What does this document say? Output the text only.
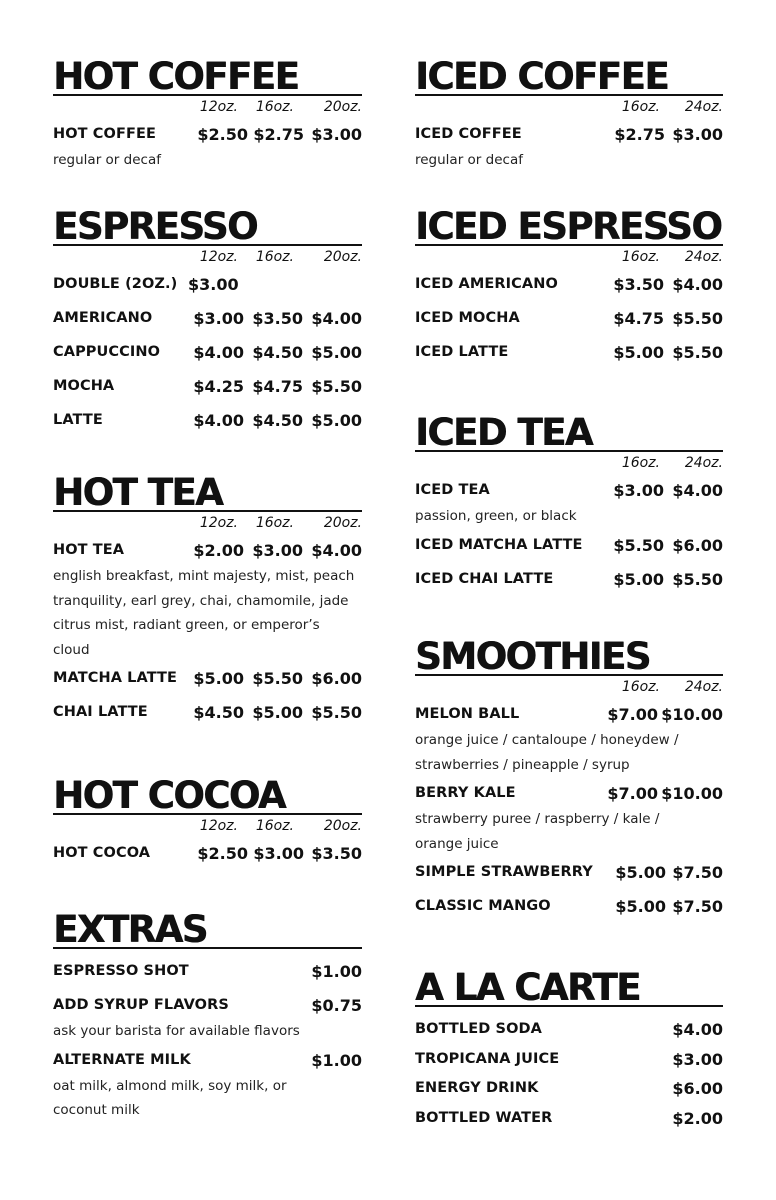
HOT COFFEE
12oz. 16oz. 20oz.
HOT COFFEE	$2.50 $2.75 $3.00
regular or decaf
ESPRESSO
12oz. 16oz. 20oz.
DOUBLE (2OZ.) $3.00
AMERICANO	$3.00 $3.50 $4.00
CAPPUCCINO $4.00 $4.50 $5.00
MOCHA	$4.25 $4.75 $5.50
LATTE	$4.00 $4.50 $5.00
HOT TEA
12oz. 16oz. 20oz.
HOT TEA	$2.00 $3.00 $4.00
english breakfast, mint majesty, mist, peach tranquility, earl grey, chai, chamomile, jade citrus mist, radiant green, or emperor’s cloud
MATCHA LATTE $5.00 $5.50 $6.00
CHAI LATTE	$4.50 $5.00 $5.50
HOT COCOA
12oz. 16oz. 20oz.
HOT COCOA	$2.50 $3.00 $3.50
EXTRAS
ESPRESSO SHOT	$1.00
ADD SYRUP FLAVORS	$0.75
ask your barista for available flavors
ALTERNATE MILK	$1.00
oat milk, almond milk, soy milk, or coconut milk
ICED COFFEE
16oz. 24oz.
ICED COFFEE	$2.75 $3.00
regular or decaf
ICED ESPRESSO
16oz. 24oz.
ICED AMERICANO	$3.50 $4.00
ICED MOCHA	$4.75 $5.50
ICED LATTE	$5.00 $5.50
ICED TEA
16oz. 24oz.
ICED TEA	$3.00 $4.00
passion, green, or black
ICED MATCHA LATTE $5.50 $6.00
ICED CHAI LATTE	$5.00 $5.50
SMOOTHIES
16oz. 24oz.
MELON BALL	$7.00 $10.00
orange juice / cantaloupe / honeydew / strawberries / pineapple / syrup
BERRY KALE	$7.00 $10.00
strawberry puree / raspberry / kale / orange juice
SIMPLE STRAWBERRY $5.00 $7.50
CLASSIC MANGO	$5.00 $7.50
A LA CARTE
BOTTLED SODA	$4.00
TROPICANA JUICE	$3.00
ENERGY DRINK	$6.00
BOTTLED WATER	$2.00
